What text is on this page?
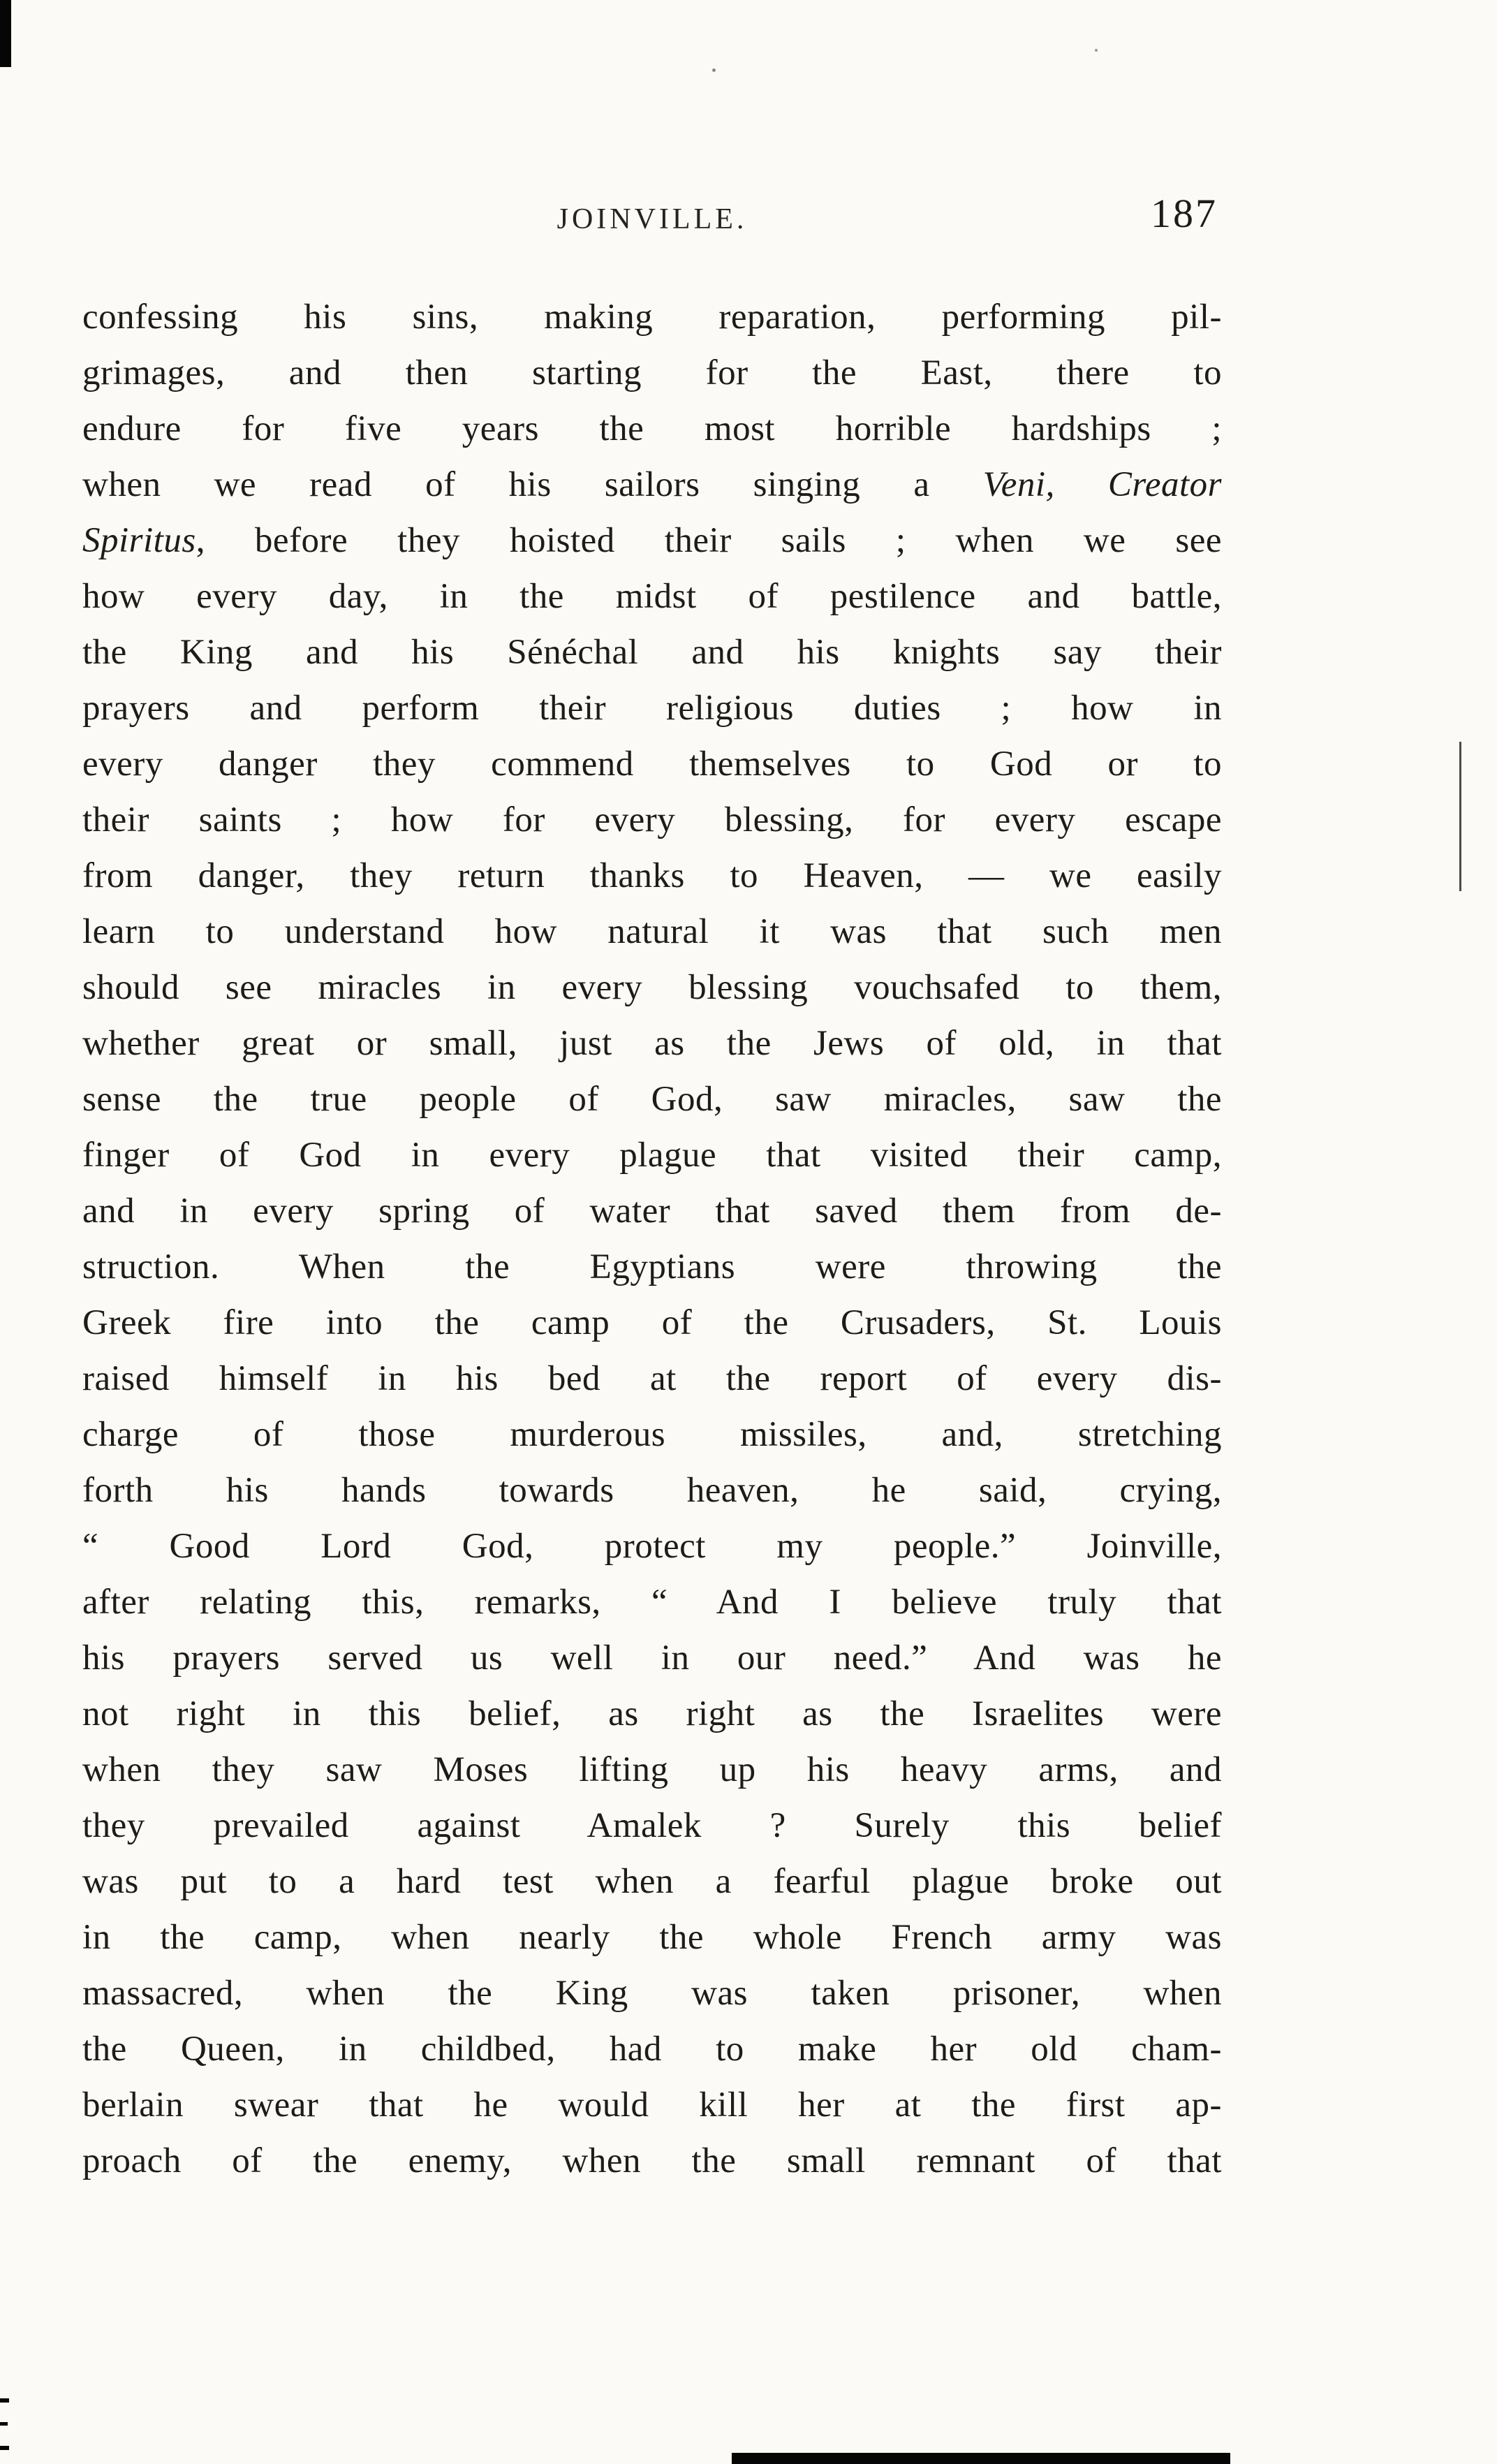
JOINVILLE.	187
confessing his sins, making reparation, performing pil-
grimages, and then starting for the East, there to
endure for five years the most horrible hardships ;
when we read of his sailors singing a Veni, Creator
Spiritus, before they hoisted their sails ; when we see
how every day, in the midst of pestilence and battle,
the King and his Sénéchal and his knights say their
prayers and perform their religious duties ; how in
every danger they commend themselves to God or to
their saints ; how for every blessing, for every escape
from danger, they return thanks to Heaven, — we easily
learn to understand how natural it was that such men
should see miracles in every blessing vouchsafed to them,
whether great or small, just as the Jews of old, in that
sense the true people of God, saw miracles, saw the
finger of God in every plague that visited their camp,
and in every spring of water that saved them from de-
struction. When the Egyptians were throwing the
Greek fire into the camp of the Crusaders, St. Louis
raised himself in his bed at the report of every dis-
charge of those murderous missiles, and, stretching
forth his hands towards heaven, he said, crying,
“ Good Lord God, protect my people.” Joinville,
after relating this, remarks, “ And I believe truly that
his prayers served us well in our need.” And was he
not right in this belief, as right as the Israelites were
when they saw Moses lifting up his heavy arms, and
they prevailed against Amalek ? Surely this belief
was put to a hard test when a fearful plague broke out
in the camp, when nearly the whole French army was
massacred, when the King was taken prisoner, when
the Queen, in childbed, had to make her old cham-
berlain swear that he would kill her at the first ap-
proach of the enemy, when the small remnant of that
